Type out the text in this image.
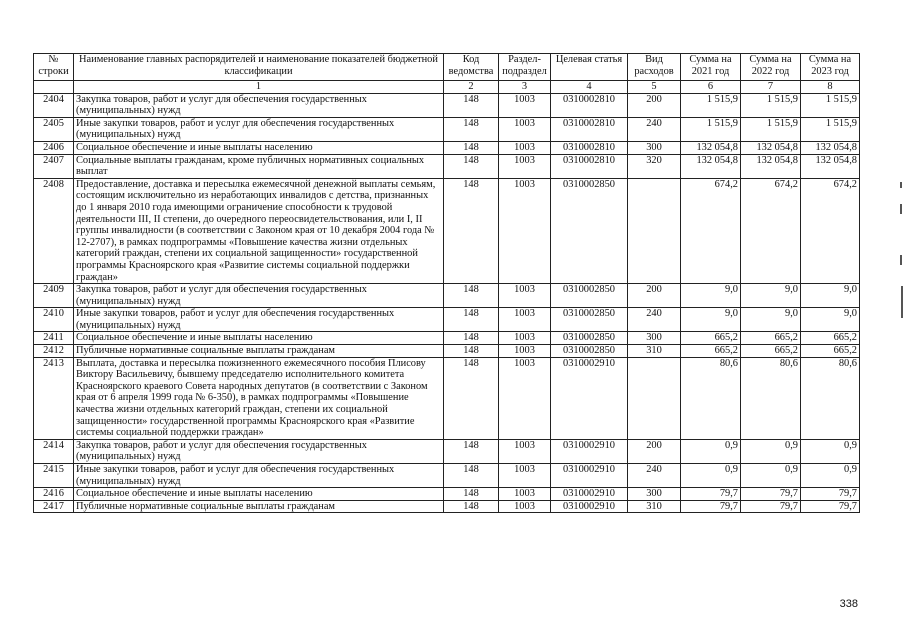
№ строки	Наименование главных распорядителей и наименование показателей бюджетной классификации	Код ведомства	Раздел-подраздел	Целевая статья	Вид расходов	Сумма на 2021 год	Сумма на 2022 год	Сумма на 2023 год
	1	2	3	4	5	6	7	8
2404	Закупка товаров, работ и услуг для обеспечения государственных (муниципальных) нужд	148	1003	0310002810	200	1 515,9	1 515,9	1 515,9
2405	Иные закупки товаров, работ и услуг для обеспечения государственных (муниципальных) нужд	148	1003	0310002810	240	1 515,9	1 515,9	1 515,9
2406	Социальное обеспечение и иные выплаты населению	148	1003	0310002810	300	132 054,8	132 054,8	132 054,8
2407	Социальные выплаты гражданам, кроме публичных нормативных социальных выплат	148	1003	0310002810	320	132 054,8	132 054,8	132 054,8
2408	Предоставление, доставка и пересылка ежемесячной денежной выплаты семьям, состоящим исключительно из неработающих инвалидов с детства, признанных до 1 января 2010 года имеющими ограничение способности к трудовой деятельности III, II степени, до очередного переосвидетельствования, или I, II группы инвалидности (в соответствии с Законом края от 10 декабря 2004 года № 12-2707), в рамках подпрограммы «Повышение качества жизни отдельных категорий граждан, степени их социальной защищенности» государственной программы Красноярского края «Развитие системы социальной поддержки граждан»	148	1003	0310002850		674,2	674,2	674,2
2409	Закупка товаров, работ и услуг для обеспечения государственных (муниципальных) нужд	148	1003	0310002850	200	9,0	9,0	9,0
2410	Иные закупки товаров, работ и услуг для обеспечения государственных (муниципальных) нужд	148	1003	0310002850	240	9,0	9,0	9,0
2411	Социальное обеспечение и иные выплаты населению	148	1003	0310002850	300	665,2	665,2	665,2
2412	Публичные нормативные социальные выплаты гражданам	148	1003	0310002850	310	665,2	665,2	665,2
2413	Выплата, доставка и пересылка пожизненного ежемесячного пособия Плисову Виктору Васильевичу, бывшему председателю исполнительного комитета Красноярского краевого Совета народных депутатов (в соответствии с Законом края от 6 апреля 1999 года № 6-350), в рамках подпрограммы «Повышение качества жизни отдельных категорий граждан, степени их социальной защищенности» государственной программы Красноярского края «Развитие системы социальной поддержки граждан»	148	1003	0310002910		80,6	80,6	80,6
2414	Закупка товаров, работ и услуг для обеспечения государственных (муниципальных) нужд	148	1003	0310002910	200	0,9	0,9	0,9
2415	Иные закупки товаров, работ и услуг для обеспечения государственных (муниципальных) нужд	148	1003	0310002910	240	0,9	0,9	0,9
2416	Социальное обеспечение и иные выплаты населению	148	1003	0310002910	300	79,7	79,7	79,7
2417	Публичные нормативные социальные выплаты гражданам	148	1003	0310002910	310	79,7	79,7	79,7
338
